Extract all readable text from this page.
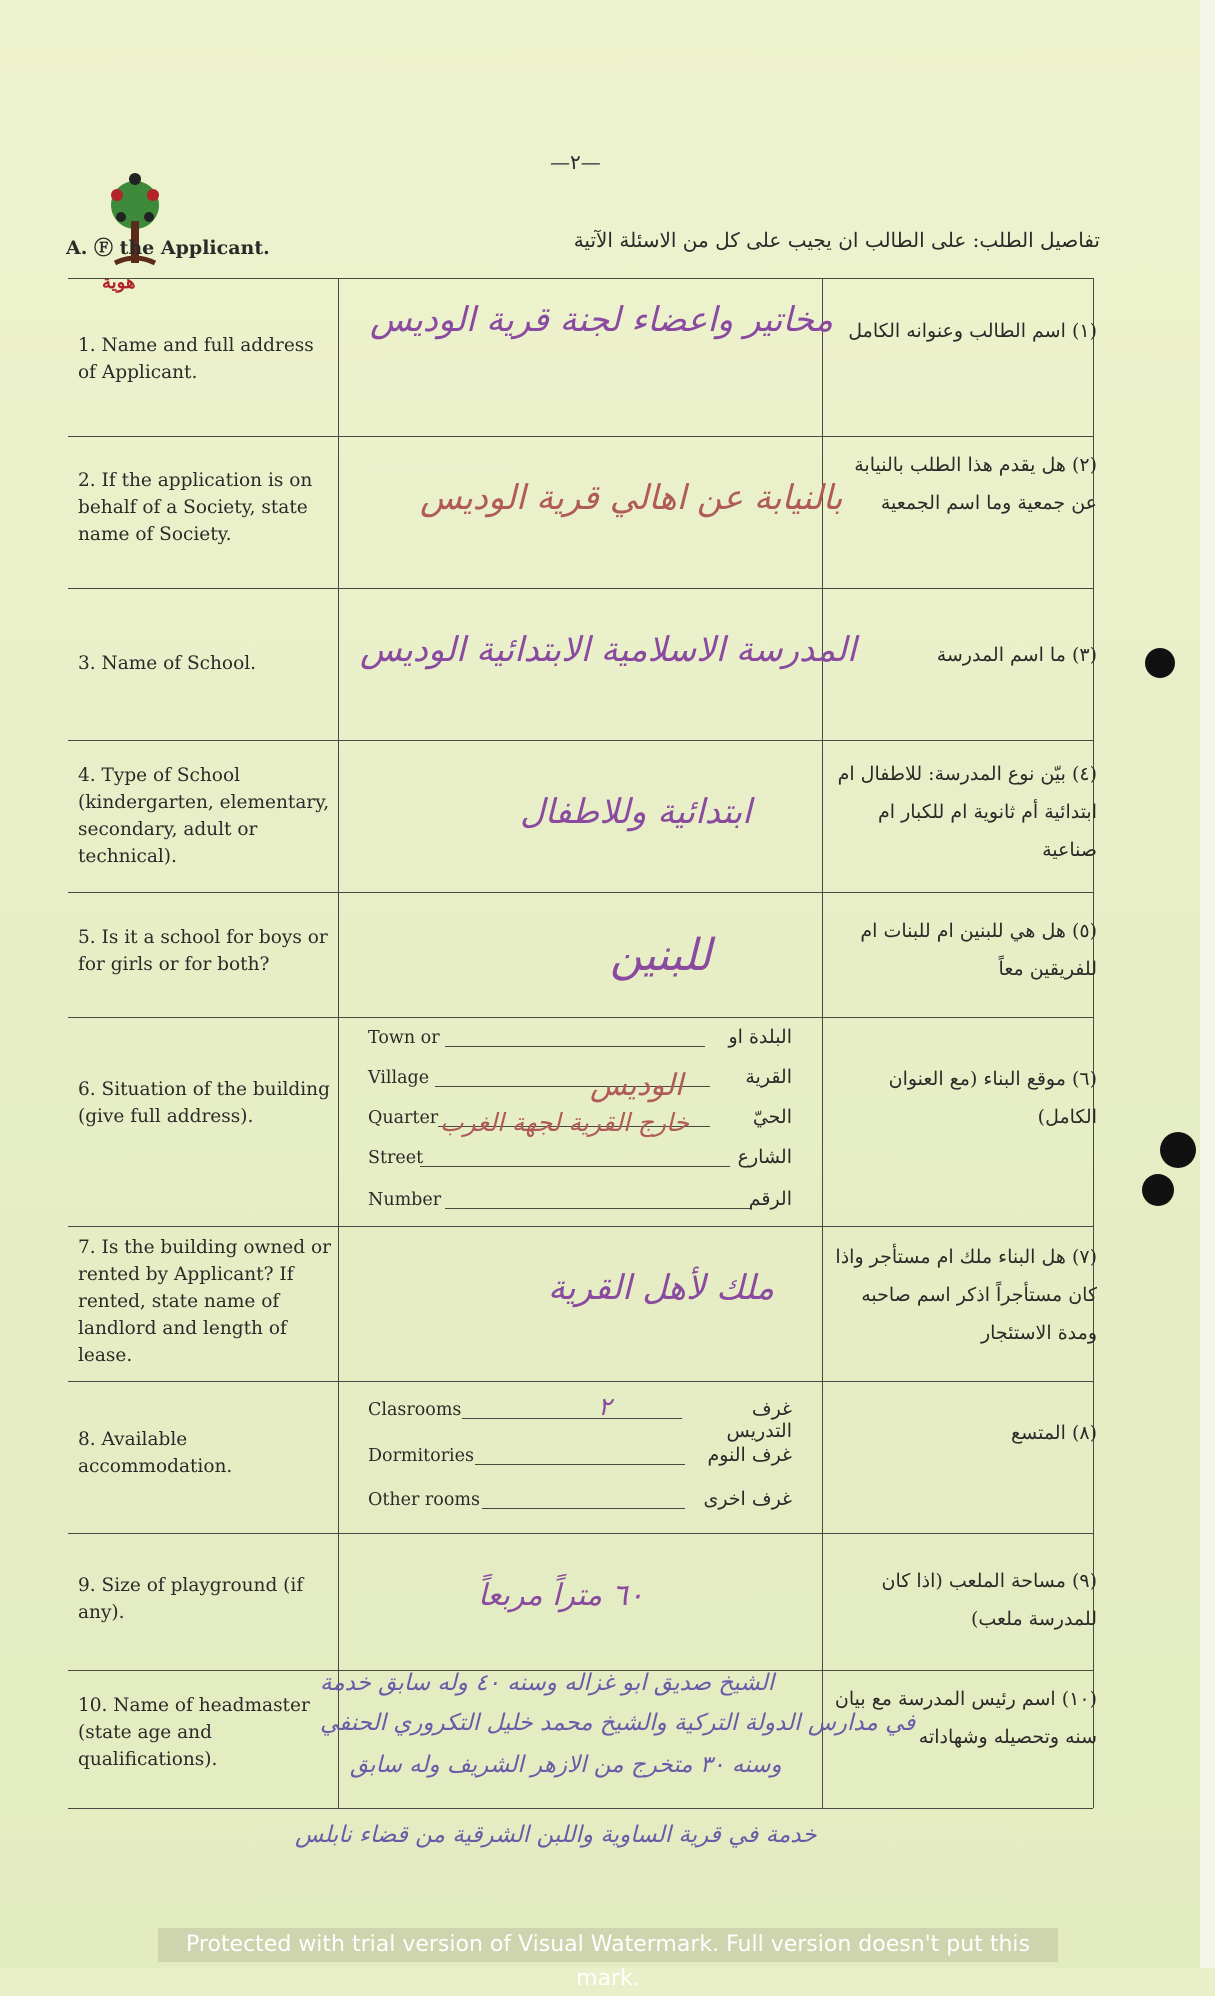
—٢—
هوية
A. Ⓕ the Applicant.	تفاصيل الطلب: على الطالب ان يجيب على كل من الاسئلة الآتية
1. Name and full address of Applicant.
(١) اسم الطالب وعنوانه الكامل
مخاتير واعضاء لجنة قرية الوديس
2. If the application is on behalf of a Society, state name of Society.
(٢) هل يقدم هذا الطلب بالنيابة عن جمعية وما اسم الجمعية
بالنيابة عن اهالي قرية الوديس
3. Name of School.	(٣) ما اسم المدرسة
المدرسة الاسلامية الابتدائية الوديس
4. Type of School (kindergarten, elementary, secondary, adult or technical).
(٤) بيّن نوع المدرسة: للاطفال ام ابتدائية أم ثانوية ام للكبار ام صناعية
ابتدائية وللاطفال
5. Is it a school for boys or for girls or for both?
(٥) هل هي للبنين ام للبنات ام للفريقين معاً
للبنين
6. Situation of the building (give full address).
(٦) موقع البناء (مع العنوان الكامل)
Town or
Village
Quarter
Street
Number
البلدة او
القرية
الحيّ
الشارع
الرقم
الوديس
خارج القرية لجهة الغرب
7. Is the building owned or rented by Applicant? If rented, state name of landlord and length of lease.
(٧) هل البناء ملك ام مستأجر واذا كان مستأجراً اذكر اسم صاحبه ومدة الاستئجار
ملك لأهل القرية
8. Available accommodation.
(٨) المتسع
Clasrooms
Dormitories
Other rooms
غرف التدريس
غرف النوم
غرف اخرى
٢
9. Size of playground (if any).
(٩) مساحة الملعب (اذا كان للمدرسة ملعب)
٦٠ متراً مربعاً
10. Name of headmaster (state age and qualifications).
(١٠) اسم رئيس المدرسة مع بيان سنه وتحصيله وشهاداته
الشيخ صديق ابو غزاله وسنه ٤٠ وله سابق خدمة
في مدارس الدولة التركية والشيخ محمد خليل التكروري الحنفي
وسنه ٣٠ متخرج من الازهر الشريف وله سابق
خدمة في قرية الساوية واللبن الشرقية من قضاء نابلس
Protected with trial version of Visual Watermark. Full version doesn't put this mark.
